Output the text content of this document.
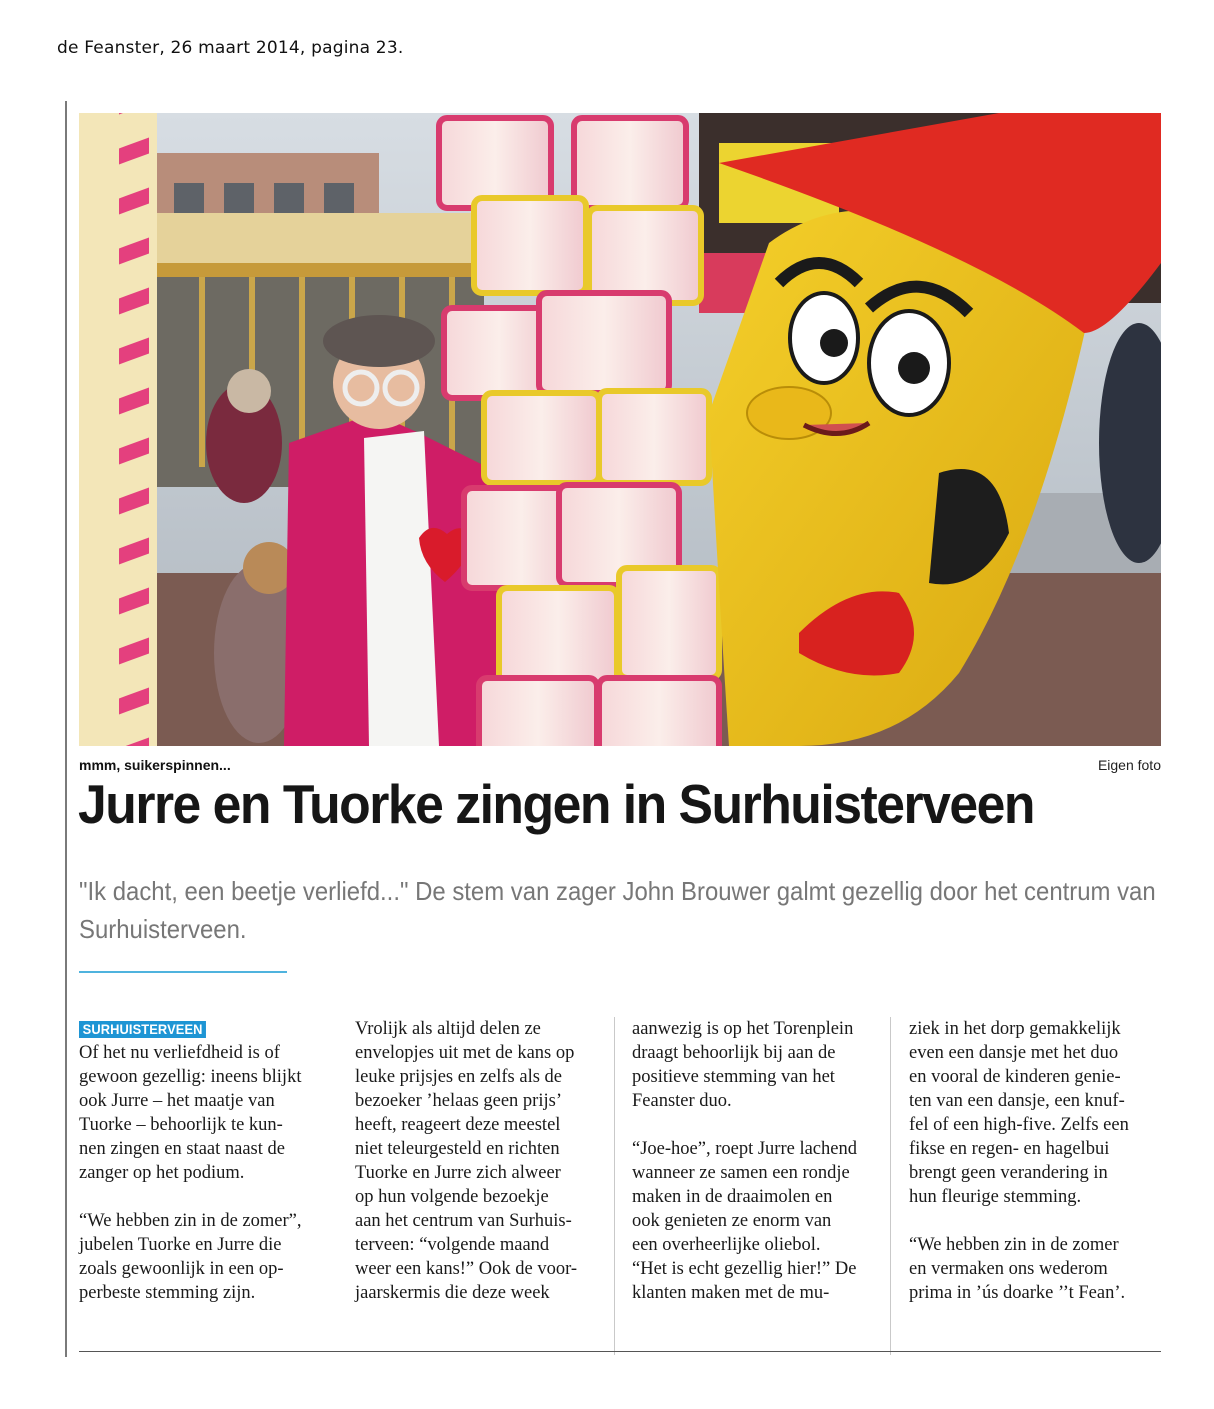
de Feanster, 26 maart 2014, pagina 23.
mmm, suikerspinnen...	Eigen foto
Jurre en Tuorke zingen in Surhuisterveen

"Ik dacht, een beetje verliefd..." De stem van zager John Brouwer galmt gezellig door het centrum van Surhuisterveen.

SURHUISTERVEEN

Of het nu verliefdheid is of
gewoon gezellig: ineens blijkt
ook Jurre – het maatje van
Tuorke – behoorlijk te kun-
nen zingen en staat naast de
zanger op het podium.

“We hebben zin in de zomer”,
jubelen Tuorke en Jurre die
zoals gewoonlijk in een op-
perbeste stemming zijn.

Vrolijk als altijd delen ze
envelopjes uit met de kans op
leuke prijsjes en zelfs als de
bezoeker ’helaas geen prijs’
heeft, reageert deze meestel
niet teleurgesteld en richten
Tuorke en Jurre zich alweer
op hun volgende bezoekje
aan het centrum van Surhuis-
terveen: “volgende maand
weer een kans!” Ook de voor-
jaarskermis die deze week

aanwezig is op het Torenplein
draagt behoorlijk bij aan de
positieve stemming van het
Feanster duo.

“Joe-hoe”, roept Jurre lachend
wanneer ze samen een rondje
maken in de draaimolen en
ook genieten ze enorm van
een overheerlijke oliebol.
“Het is echt gezellig hier!” De
klanten maken met de mu-

ziek in het dorp gemakkelijk
even een dansje met het duo
en vooral de kinderen genie-
ten van een dansje, een knuf-
fel of een high-five. Zelfs een
fikse en regen- en hagelbui
brengt geen verandering in
hun fleurige stemming.

“We hebben zin in de zomer
en vermaken ons wederom
prima in ’ús doarke ’’t Fean’.
